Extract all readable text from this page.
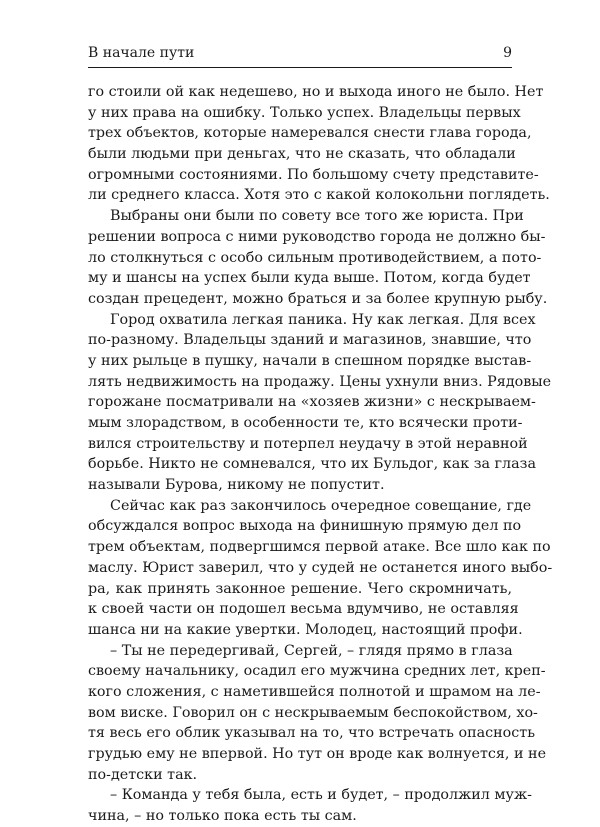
В начале пути	9
го стоили ой как недешево, но и выхода иного не было. Нет
у них права на ошибку. Только успех. Владельцы первых
трех объектов, которые намеревался снести глава города,
были людьми при деньгах, что не сказать, что обладали
огромными состояниями. По большому счету представите-
ли среднего класса. Хотя это с какой колокольни поглядеть.
Выбраны они были по совету все того же юриста. При
решении вопроса с ними руководство города не должно бы-
ло столкнуться с особо сильным противодействием, а пото-
му и шансы на успех были куда выше. Потом, когда будет
создан прецедент, можно браться и за более крупную рыбу.
Город охватила легкая паника. Ну как легкая. Для всех
по-разному. Владельцы зданий и магазинов, знавшие, что
у них рыльце в пушку, начали в спешном порядке выстав-
лять недвижимость на продажу. Цены ухнули вниз. Рядовые
горожане посматривали на «хозяев жизни» с нескрываем-
мым злорадством, в особенности те, кто всячески проти-
вился строительству и потерпел неудачу в этой неравной
борьбе. Никто не сомневался, что их Бульдог, как за глаза
называли Бурова, никому не попустит.
Сейчас как раз закончилось очередное совещание, где
обсуждался вопрос выхода на финишную прямую дел по
трем объектам, подвергшимся первой атаке. Все шло как по
маслу. Юрист заверил, что у судей не останется иного выбо-
ра, как принять законное решение. Чего скромничать,
к своей части он подошел весьма вдумчиво, не оставляя
шанса ни на какие увертки. Молодец, настоящий профи.
– Ты не передергивай, Сергей, – глядя прямо в глаза
своему начальнику, осадил его мужчина средних лет, креп-
кого сложения, с наметившейся полнотой и шрамом на ле-
вом виске. Говорил он с нескрываемым беспокойством, хо-
тя весь его облик указывал на то, что встречать опасность
грудью ему не впервой. Но тут он вроде как волнуется, и не
по-детски так.
– Команда у тебя была, есть и будет, – продолжил муж-
чина, – но только пока есть ты сам.
